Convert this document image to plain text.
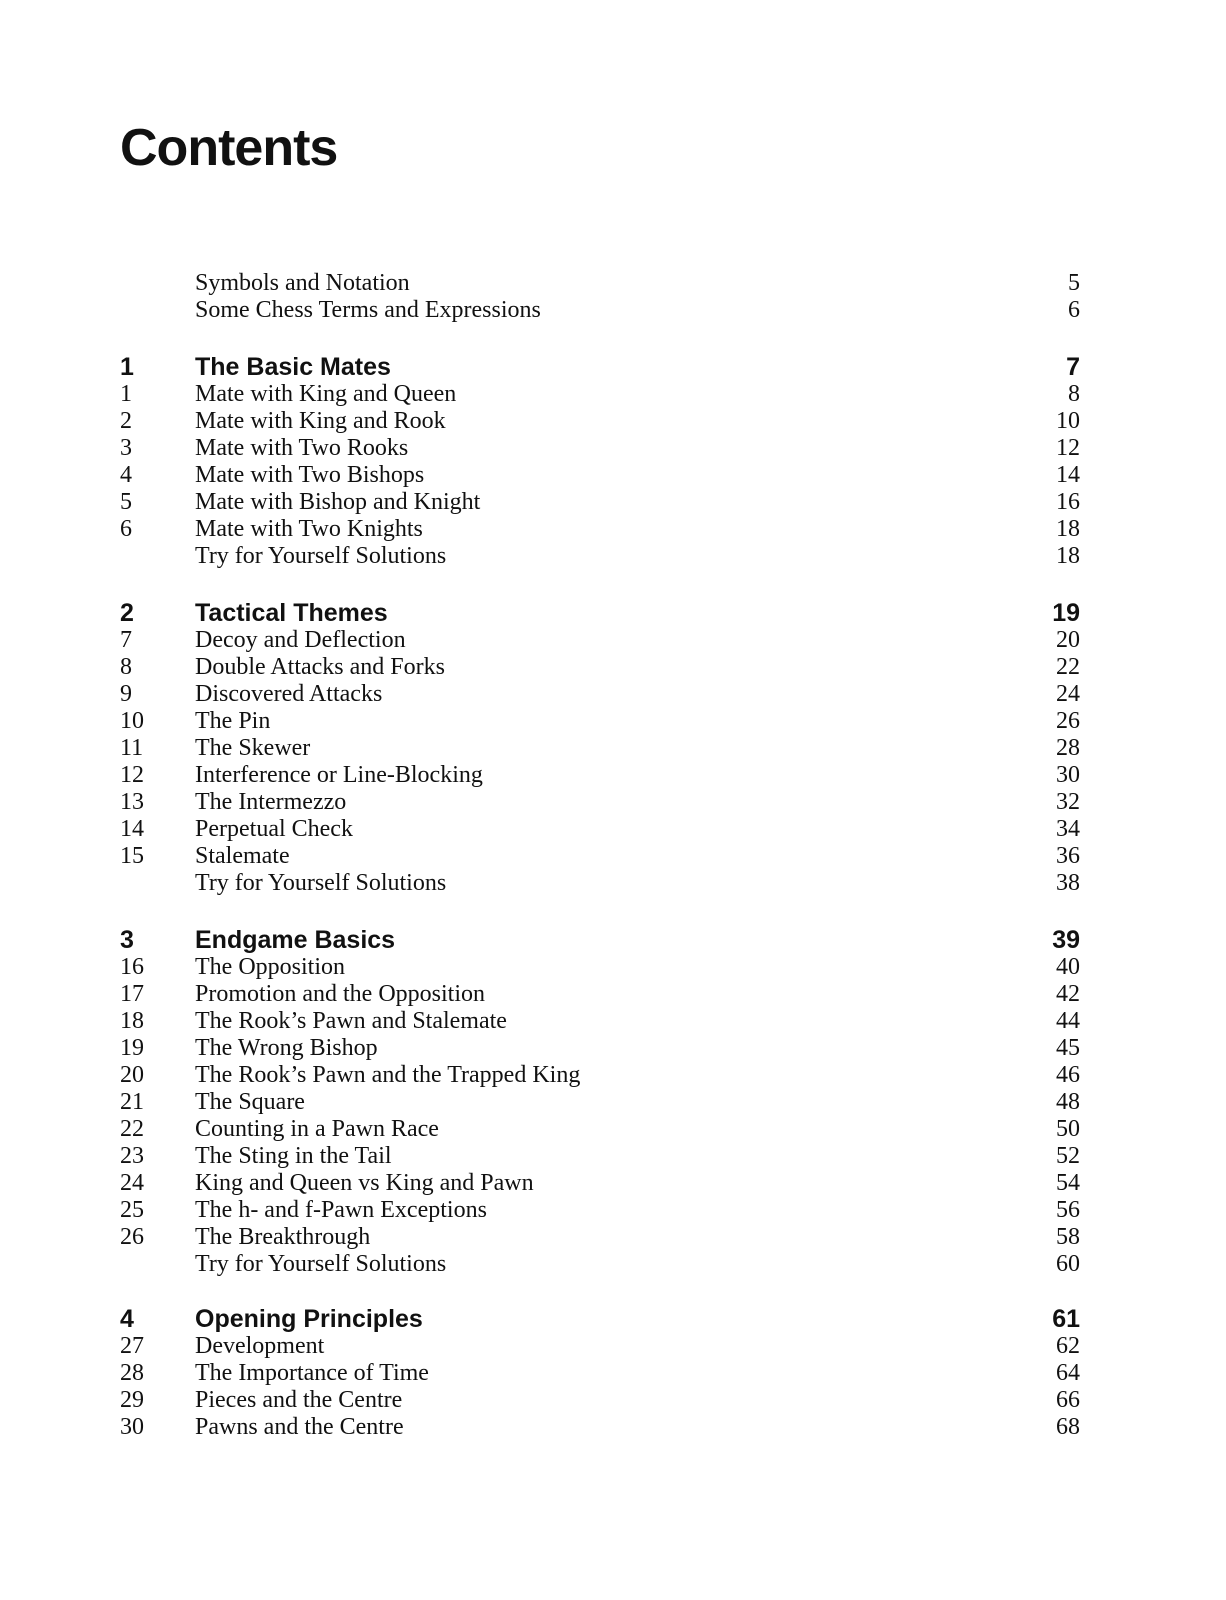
Contents
Symbols and Notation	5
Some Chess Terms and Expressions	6
1	The Basic Mates	7
1	Mate with King and Queen	8
2	Mate with King and Rook	10
3	Mate with Two Rooks	12
4	Mate with Two Bishops	14
5	Mate with Bishop and Knight	16
6	Mate with Two Knights	18
Try for Yourself Solutions	18
2	Tactical Themes	19
7	Decoy and Deflection	20
8	Double Attacks and Forks	22
9	Discovered Attacks	24
10	The Pin	26
11	The Skewer	28
12	Interference or Line-Blocking	30
13	The Intermezzo	32
14	Perpetual Check	34
15	Stalemate	36
Try for Yourself Solutions	38
3	Endgame Basics	39
16	The Opposition	40
17	Promotion and the Opposition	42
18	The Rook’s Pawn and Stalemate	44
19	The Wrong Bishop	45
20	The Rook’s Pawn and the Trapped King	46
21	The Square	48
22	Counting in a Pawn Race	50
23	The Sting in the Tail	52
24	King and Queen vs King and Pawn	54
25	The h- and f-Pawn Exceptions	56
26	The Breakthrough	58
Try for Yourself Solutions	60
4	Opening Principles	61
27	Development	62
28	The Importance of Time	64
29	Pieces and the Centre	66
30	Pawns and the Centre	68
